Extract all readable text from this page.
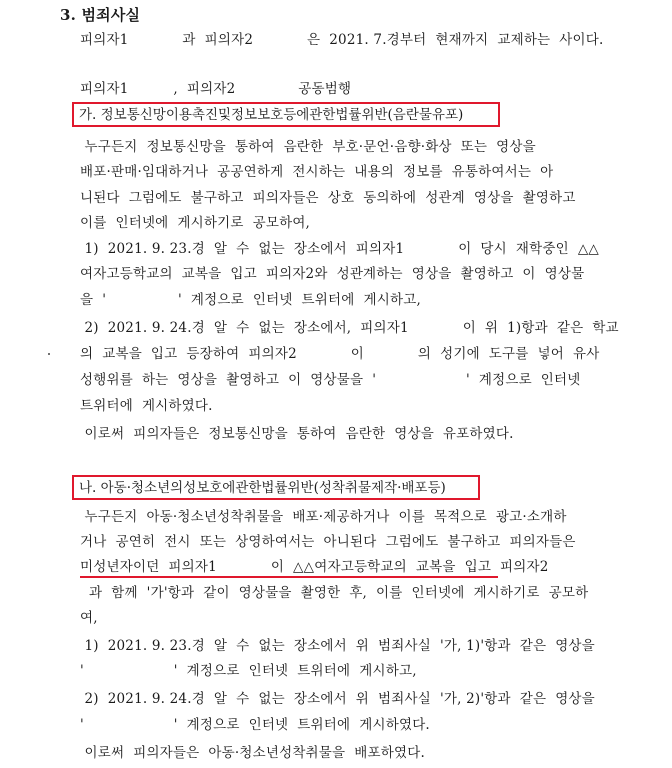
3. 범죄사실
피의자1            과  피의자2            은  2021. 7.경부터  현재까지  교제하는  사이다.
피의자1          ,  피의자2              공동범행
가. 정보통신망이용촉진및정보보호등에관한법률위반(음란물유포)
누구든지  정보통신망을  통하여  음란한  부호·문언·음향·화상  또는  영상을
배포·판매·임대하거나  공공연하게  전시하는  내용의  정보를  유통하여서는  아
니된다  그럼에도  불구하고  피의자들은  상호  동의하에  성관계  영상을  촬영하고
이를  인터넷에  게시하기로  공모하여,
1)  2021. 9. 23.경  알  수  없는  장소에서  피의자1            이  당시  재학중인  △△
여자고등학교의  교복을  입고  피의자2와  성관계하는  영상을  촬영하고  이  영상물
을  '                '  계정으로  인터넷  트위터에  게시하고,
2)  2021. 9. 24.경  알  수  없는  장소에서,  피의자1            이  위  1)항과  같은  학교
의  교복을  입고  등장하여  피의자2            이            의  성기에  도구를  넣어  유사
성행위를  하는  영상을  촬영하고  이  영상물을  '                    '  계정으로  인터넷
트위터에  게시하였다.
이로써  피의자들은  정보통신망을  통하여  음란한  영상을  유포하였다.
나. 아동·청소년의성보호에관한법률위반(성착취물제작·배포등)
누구든지  아동·청소년성착취물을  배포·제공하거나  이를  목적으로  광고·소개하
거나  공연히  전시  또는  상영하여서는  아니된다  그럼에도  불구하고  피의자들은
미성년자이던  피의자1            이  △△여자고등학교의  교복을  입고  피의자2
과  함께  '가'항과  같이  영상물을  촬영한  후,  이를  인터넷에  게시하기로  공모하
여,
1)  2021. 9. 23.경  알  수  없는  장소에서  위  범죄사실  '가, 1)'항과  같은  영상을
'                    '  계정으로  인터넷  트위터에  게시하고,
2)  2021. 9. 24.경  알  수  없는  장소에서  위  범죄사실  '가, 2)'항과  같은  영상을
'                    '  계정으로  인터넷  트위터에  게시하였다.
이로써  피의자들은  아동·청소년성착취물을  배포하였다.
